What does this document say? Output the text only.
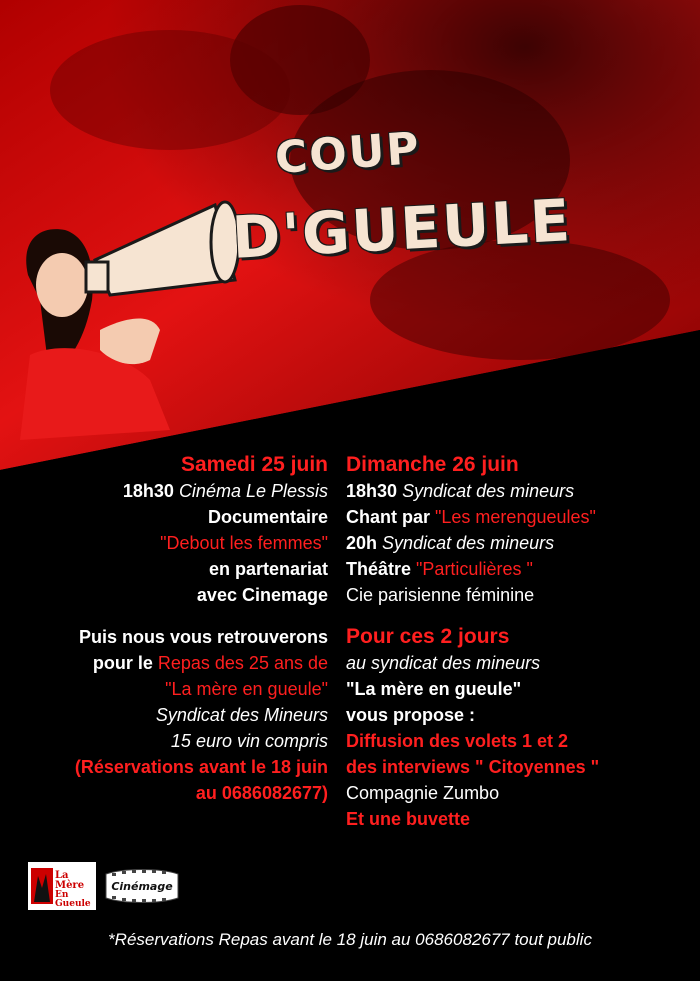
COUP
D'GUEULE
Samedi 25 juin
18h30 Cinéma Le Plessis
Documentaire
"Debout les femmes"
en partenariat
avec Cinemage
Puis nous vous retrouverons
pour le Repas des 25 ans de
"La mère en gueule"
Syndicat des Mineurs
15 euro vin compris
(Réservations avant le 18 juin
au 0686082677)
Dimanche 26 juin
18h30 Syndicat des mineurs
Chant par "Les merengueules"
20h Syndicat des mineurs
Théâtre "Particulières "
Cie parisienne féminine
Pour ces 2 jours
au syndicat des mineurs
"La mère en gueule"
vous propose :
Diffusion des volets 1 et 2
des interviews " Citoyennes "
Compagnie Zumbo
Et une buvette
La
Mère
En
Gueule
Cinémage
*Réservations Repas avant le 18 juin au 0686082677 tout public
